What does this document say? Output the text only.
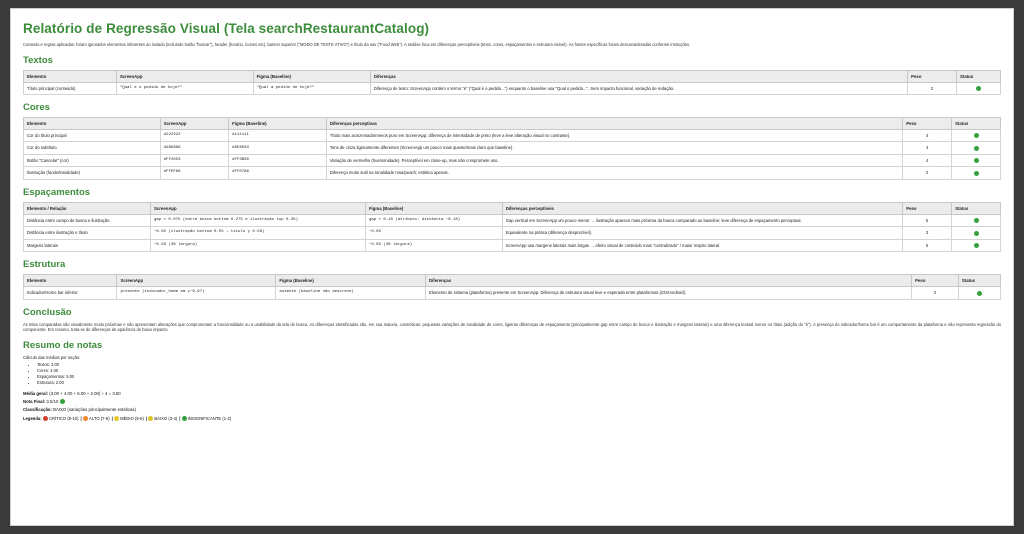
Relatório de Regressão Visual (Tela searchRestaurantCatalog)

Contexto e regras aplicadas: foram ignorados elementos inferentes ao isolado (incluindo botão "buscar"), header (horário, ícones etc), banner superior ("MODO DE TESTE ATIVO") e título da nav ("Food Web"). A análise foca em diferenças perceptíveis (texto, cores, espaçamentos e estrutura visível). As fontes específicas foram desconsideradas conforme instruções.

Textos
Elemento	ScreenApp	Figma (Baseline)	Diferenças	Peso	Status
Título principal (conteúdo)	"Qual é o pedido de hoje?"	"Qual a pedido de hoje?"	Diferença de texto: ScreenApp contém o termo "é" ("Qual é o pedido...") enquanto o baseline usa "Qual o pedido...". Sem impacto funcional, variação de redação.	2	
Cores
Elemento	ScreenApp	Figma (Baseline)	Diferenças perceptivas	Peso	Status
Cor do título principal	#222222	#111111	Título mais acinzentado/menos puro em ScreenApp; diferença de intensidade de preto (leve a leve alteração visual no contraste).	4	
Cor do subtítulo	#989898	#8E8E93	Tons de cinza ligeiramente diferentes (ScreenApp um pouco mais quente/mais claro que baseline).	4	
Botão "Cancelar" (cor)	#FF2053	#FF3B30	Variação de vermelho (hue/sonidade). Perceptível em close-up, mas não compromete uso.	4	
Ilustração (fundo/tonalidade)	#FFEF68	#FF0786	Diferença muito sutil na tonalidade rosa/peach; estética apenas.	2	
Espaçamentos
Elemento / Relação	ScreenApp	Figma (Baseline)	Diferenças perceptíveis	Peso	Status
Distância entre campo de busca e ilustração	gap ≈ 0.075 (entre busca bottom 0.275 e ilustração top 0.35)	gap ≈ 0.18 (atributo: distância ~0.18)	Gap vertical em ScreenApp um pouco menor → ilustração aparece mais próxima da busca comparado ao baseline; leve diferença de espaçamento perceptual.	5	
Distância entre ilustração e título	~0.02 (ilustração bottom 0.55 → título y 0.58)	~0.03	Equivalente na prática (diferença desprezível).	3	
Margens laterais	~0.03 (3% largura)	~0.03 (3% largura)	ScreenApp usa margens laterais mais largas → efeito visual de conteúdo mais "centralizado" / maior respiro lateral.	5	
Estrutura
Elemento	ScreenApp	Figma (Baseline)	Diferenças	Peso	Status
Indicador/Home bar inferior	presente (indicador_home em y~0.97)	ausente (baseline não descreve)	Elemento de sistema (plataforma) presente em ScreenApp. Diferença de estrutura visual leve e esperada entre plataformas (iOS/Android).	2	
Conclusão

As telas comparadas são visualmente muito próximas e não apresentam alterações que comprometam a funcionalidade ou a usabilidade da tela de busca. As diferenças identificadas são, em sua maioria, cosméticas: pequenas variações de tonalidade de cores, ligeiras diferenças de espaçamento (principalmente gap entre campo de busca e ilustração e margens laterais) e uma diferença textual menor no título (adição do "é"). A presença do indicador/home bar é um comportamento da plataforma e não representa regressão do componente. Em resumo, trata-se de diferenças de aparência de baixo impacto.

Resumo de notas
Cálculo das médias por seção:
• Textos: 3.00
• Cores: 4.00
• Espaçamentos: 5.00
• Estrutura: 2.00
Média geral: (3.00 + 4.00 + 5.00 + 2.00) ÷ 4 = 3.50
Nota Final: 3.5/10
Classificação: BAIXO (variações principalmente estéticas)
Legenda: CRÍTICO (9-10) |  ALTO (7-8) |  MÉDIO (5-6) |  BAIXO (3-4) |  INSIGNIFICANTE (1-2)
